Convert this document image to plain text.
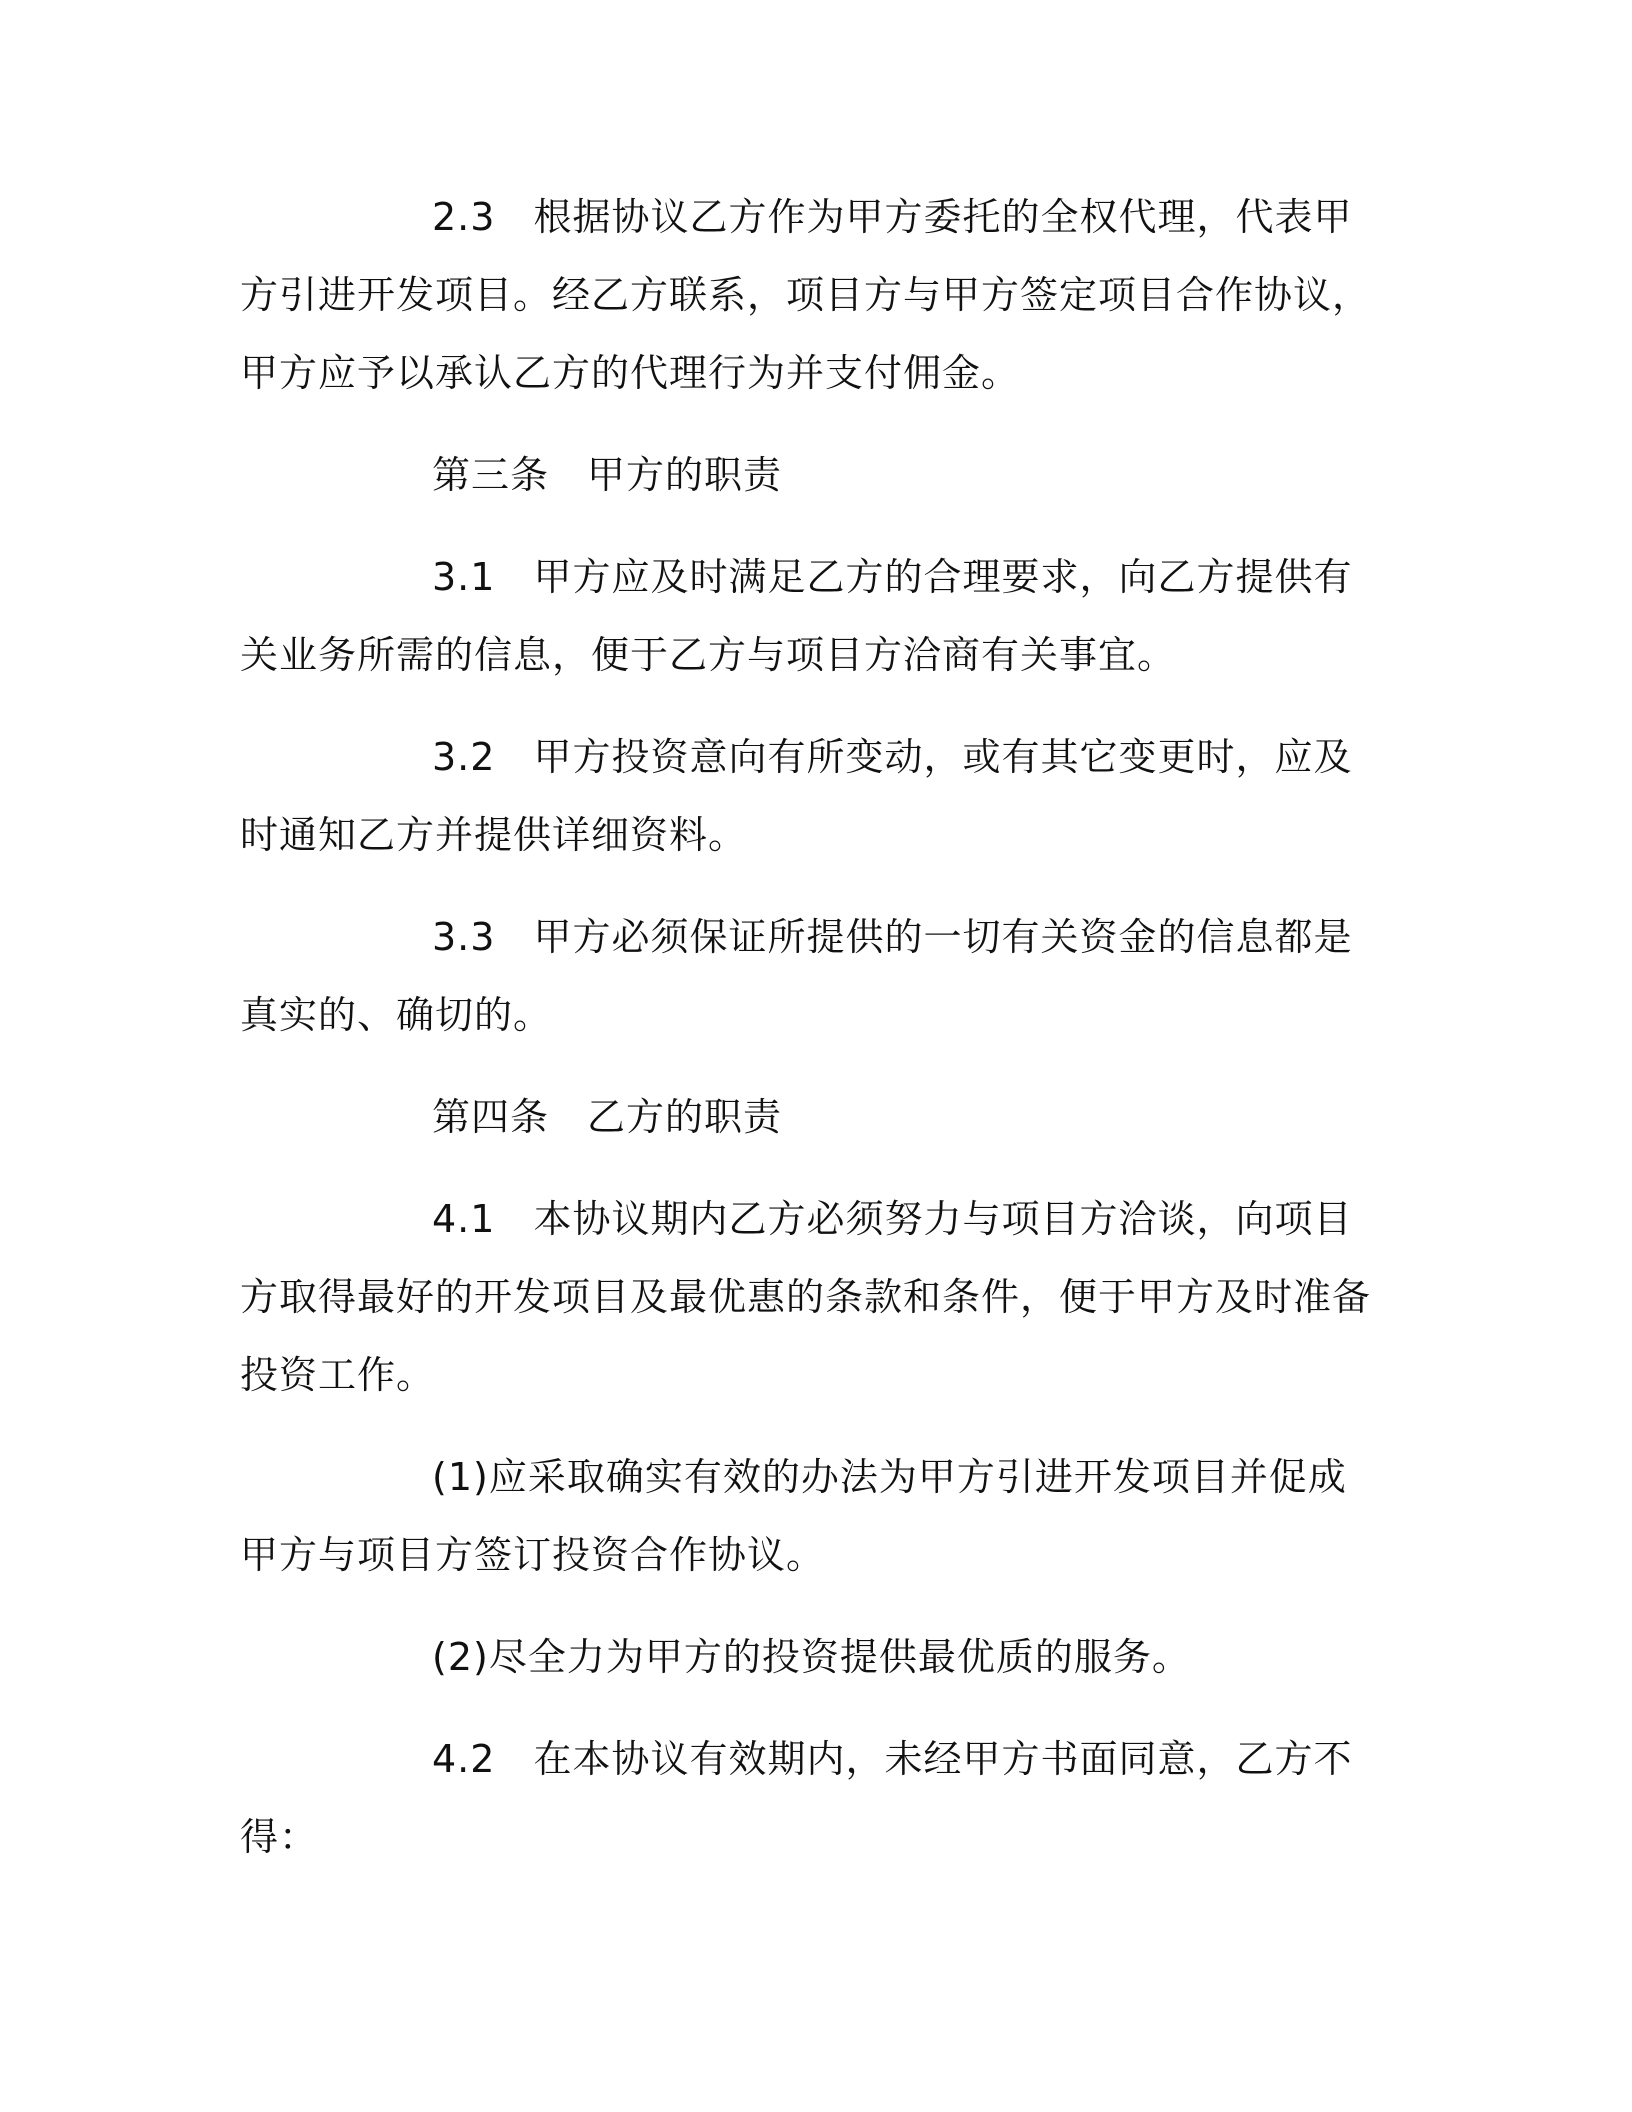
2.3 根据协议乙方作为甲方委托的全权代理，代表甲方引进开发项目。经乙方联系，项目方与甲方签定项目合作协议，甲方应予以承认乙方的代理行为并支付佣金。

第三条 甲方的职责

3.1 甲方应及时满足乙方的合理要求，向乙方提供有关业务所需的信息，便于乙方与项目方洽商有关事宜。

3.2 甲方投资意向有所变动，或有其它变更时，应及时通知乙方并提供详细资料。

3.3 甲方必须保证所提供的一切有关资金的信息都是真实的、确切的。

第四条 乙方的职责

4.1 本协议期内乙方必须努力与项目方洽谈，向项目方取得最好的开发项目及最优惠的条款和条件，便于甲方及时准备投资工作。

(1)应采取确实有效的办法为甲方引进开发项目并促成甲方与项目方签订投资合作协议。

(2)尽全力为甲方的投资提供最优质的服务。

4.2 在本协议有效期内，未经甲方书面同意，乙方不得：
